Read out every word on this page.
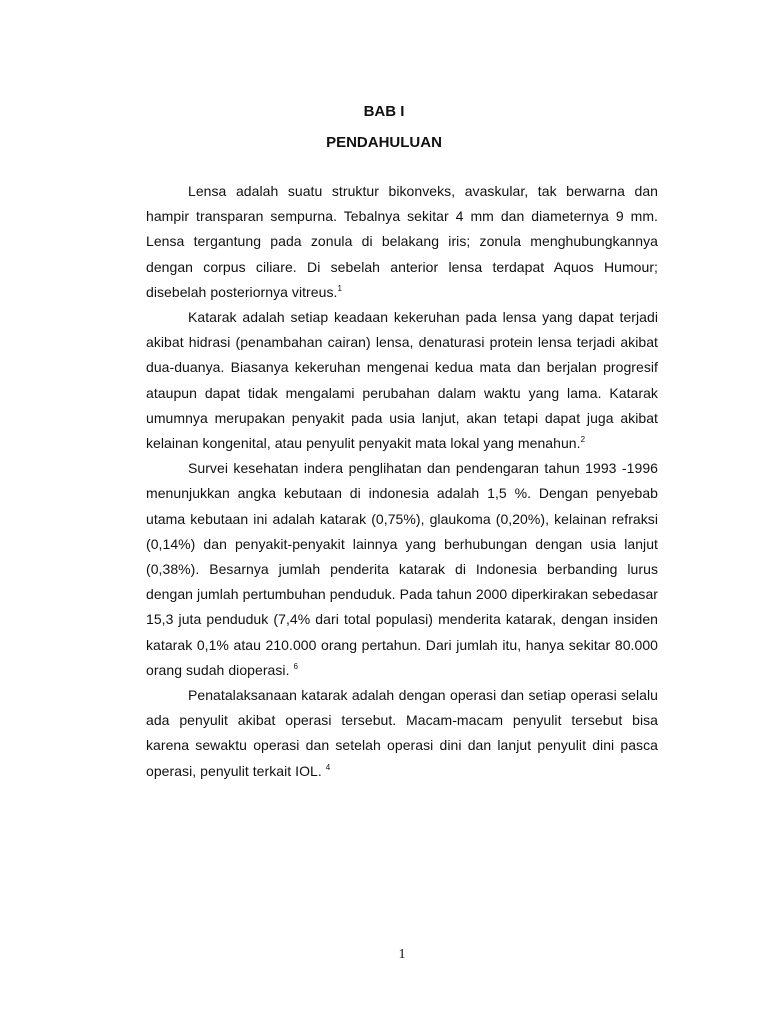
BAB I
PENDAHULUAN

Lensa adalah suatu struktur bikonveks, avaskular, tak berwarna dan hampir transparan sempurna. Tebalnya sekitar 4 mm dan diameternya 9 mm. Lensa tergantung pada zonula di belakang iris; zonula menghubungkannya dengan corpus ciliare. Di sebelah anterior lensa terdapat Aquos Humour; disebelah posteriornya vitreus.$^1$

Katarak adalah setiap keadaan kekeruhan pada lensa yang dapat terjadi akibat hidrasi (penambahan cairan) lensa, denaturasi protein lensa terjadi akibat dua-duanya. Biasanya kekeruhan mengenai kedua mata dan berjalan progresif ataupun dapat tidak mengalami perubahan dalam waktu yang lama. Katarak umumnya merupakan penyakit pada usia lanjut, akan tetapi dapat juga akibat kelainan kongenital, atau penyulit penyakit mata lokal yang menahun.$^2$

Survei kesehatan indera penglihatan dan pendengaran tahun 1993 -1996 menunjukkan angka kebutaan di indonesia adalah 1,5 %. Dengan penyebab utama kebutaan ini adalah katarak (0,75%), glaukoma (0,20%), kelainan refraksi (0,14%) dan penyakit-penyakit lainnya yang berhubungan dengan usia lanjut (0,38%). Besarnya jumlah penderita katarak di Indonesia berbanding lurus dengan jumlah pertumbuhan penduduk. Pada tahun 2000 diperkirakan sebedasar 15,3 juta penduduk (7,4% dari total populasi) menderita katarak, dengan insiden katarak 0,1% atau 210.000 orang pertahun. Dari jumlah itu, hanya sekitar 80.000 orang sudah dioperasi. $^6$

Penatalaksanaan katarak adalah dengan operasi dan setiap operasi selalu ada penyulit akibat operasi tersebut. Macam-macam penyulit tersebut bisa karena sewaktu operasi dan setelah operasi dini dan lanjut penyulit dini pasca operasi, penyulit terkait IOL. $^4$

1
